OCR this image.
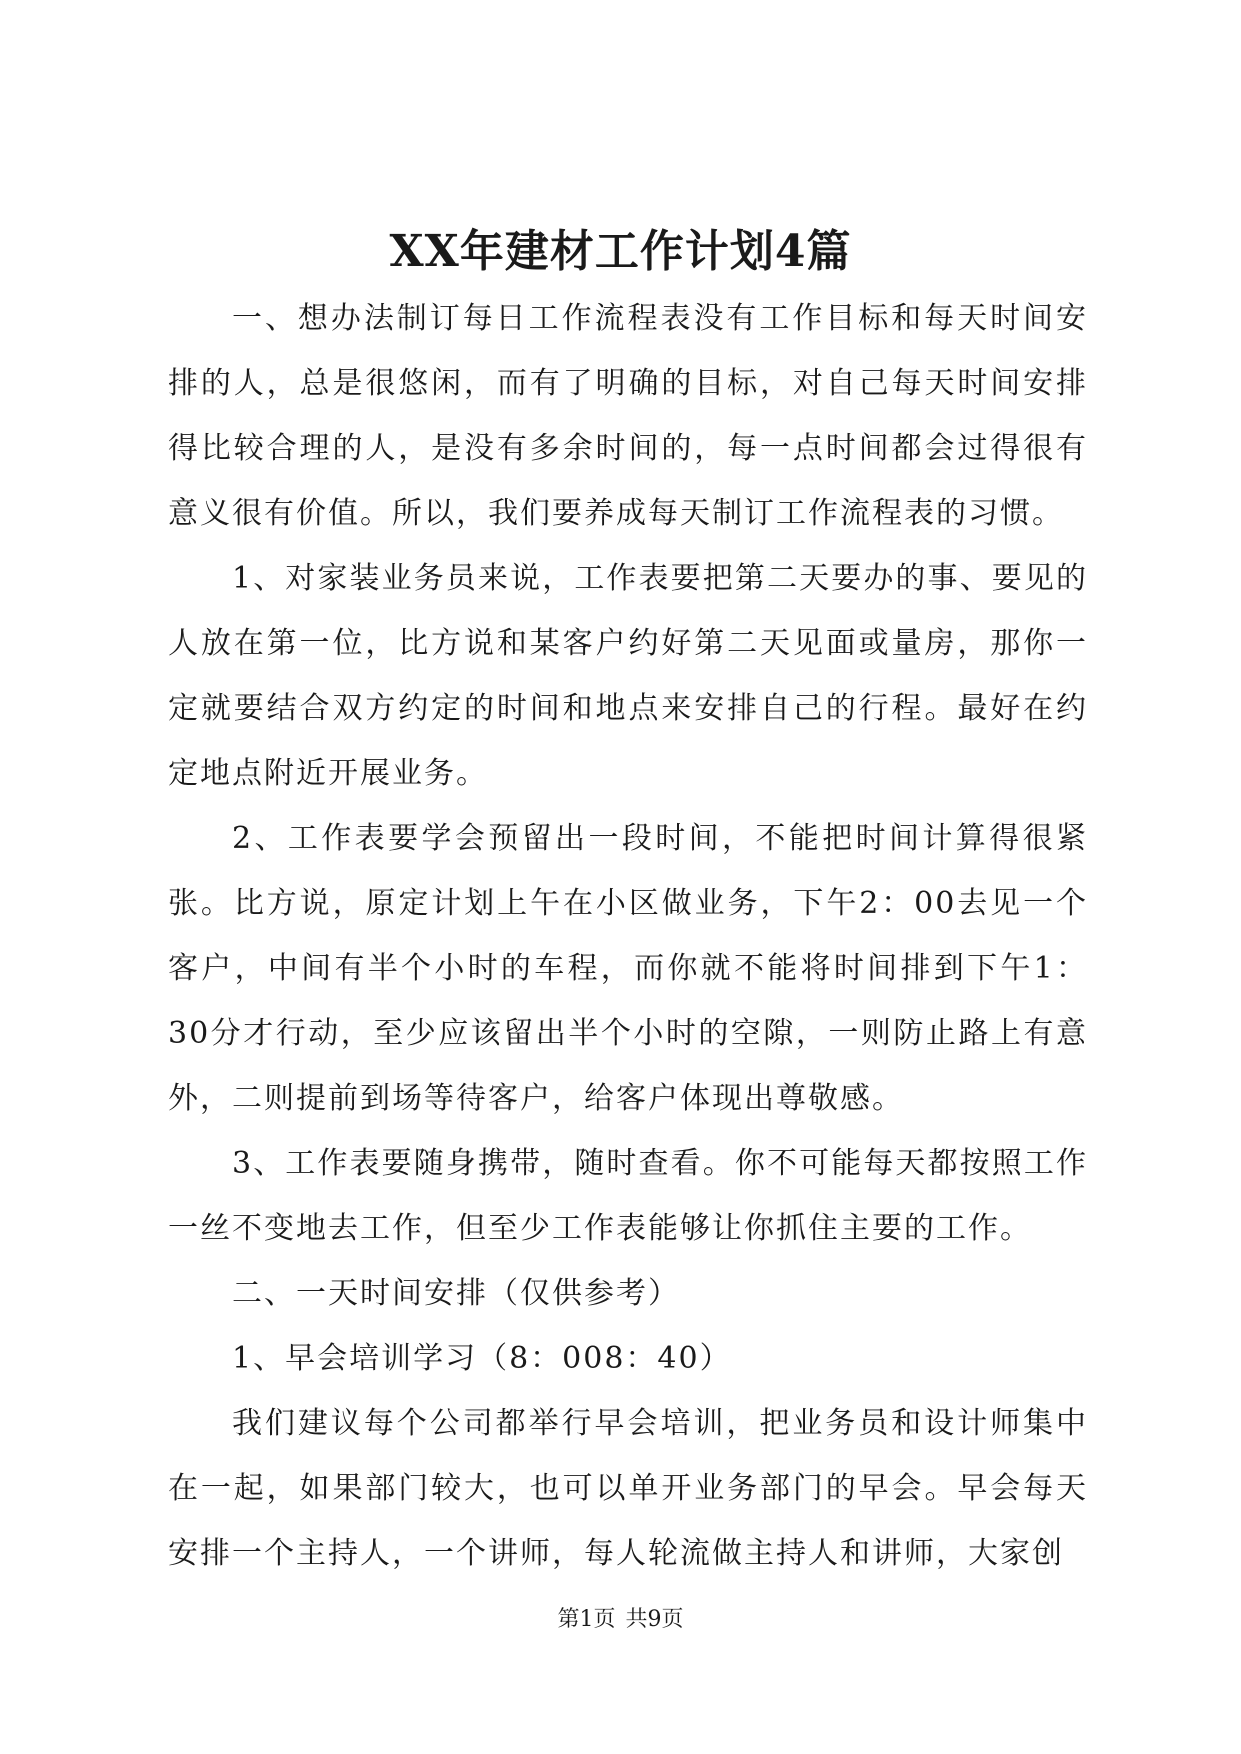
XX年建材工作计划4篇

一、想办法制订每日工作流程表没有工作目标和每天时间安排的人，总是很悠闲，而有了明确的目标，对自己每天时间安排得比较合理的人，是没有多余时间的，每一点时间都会过得很有意义很有价值。所以，我们要养成每天制订工作流程表的习惯。

1、对家装业务员来说，工作表要把第二天要办的事、要见的人放在第一位，比方说和某客户约好第二天见面或量房，那你一定就要结合双方约定的时间和地点来安排自己的行程。最好在约定地点附近开展业务。

2、工作表要学会预留出一段时间，不能把时间计算得很紧张。比方说，原定计划上午在小区做业务，下午2：00去见一个客户，中间有半个小时的车程，而你就不能将时间排到下午1：30分才行动，至少应该留出半个小时的空隙，一则防止路上有意外，二则提前到场等待客户，给客户体现出尊敬感。

3、工作表要随身携带，随时查看。你不可能每天都按照工作一丝不变地去工作，但至少工作表能够让你抓住主要的工作。

二、一天时间安排（仅供参考）

1、早会培训学习（8：008：40）

我们建议每个公司都举行早会培训，把业务员和设计师集中在一起，如果部门较大，也可以单开业务部门的早会。早会每天安排一个主持人，一个讲师，每人轮流做主持人和讲师，大家创

第1页 共9页
